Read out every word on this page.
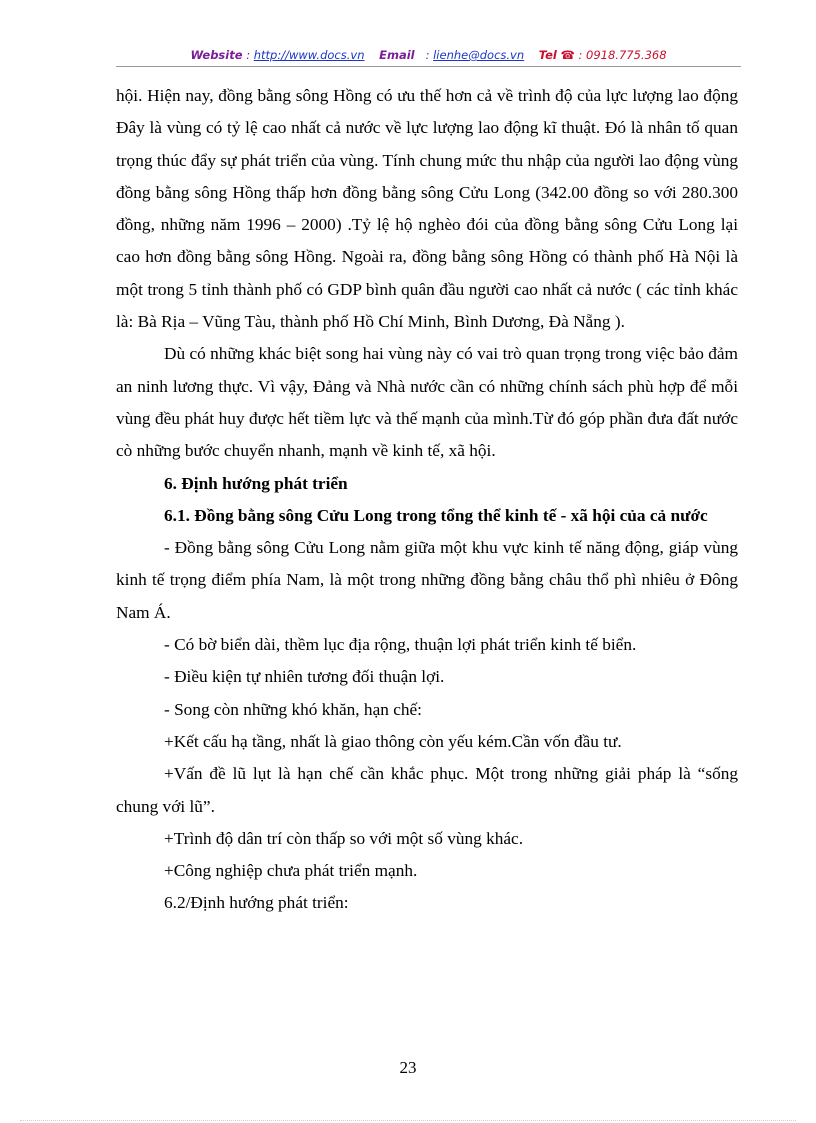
Website : http://www.docs.vn Email   : lienhe@docs.vn Tel ☎ : 0918.775.368

hội. Hiện nay, đồng bằng sông Hồng có ưu thế hơn cả về trình độ của lực lượng lao động Đây là vùng có tỷ lệ cao nhất cả nước về lực lượng lao động kĩ thuật. Đó là nhân tố quan trọng thúc đẩy sự phát triển của vùng. Tính chung mức thu nhập của người lao động vùng đồng bằng sông Hồng thấp hơn đồng bằng sông Cửu Long (342.00 đồng so với 280.300 đồng, những năm 1996 – 2000) .Tỷ lệ hộ nghèo đói của đồng bằng sông Cửu Long lại cao hơn đồng bằng sông Hồng. Ngoài ra, đồng bằng sông Hồng có thành phố Hà Nội là một trong 5 tỉnh thành phố có GDP bình quân đầu người cao nhất cả nước ( các tỉnh khác là: Bà Rịa – Vũng Tàu, thành phố Hồ Chí Minh, Bình Dương, Đà Nẵng ).

Dù có những khác biệt song hai vùng này có vai trò quan trọng trong việc bảo đảm an ninh lương thực. Vì vậy, Đảng và Nhà nước cần có những chính sách phù hợp để mỗi vùng đều phát huy được hết tiềm lực và thế mạnh của mình.Từ đó góp phần đưa đất nước cò những bước chuyển nhanh, mạnh về kinh tế, xã hội.

6. Định hướng phát triển

6.1. Đồng bằng sông Cửu Long trong tổng thể kinh tế - xã hội của cả nước

- Đồng bằng sông Cửu Long nằm giữa một khu vực kinh tế năng động, giáp vùng kinh tế trọng điểm phía Nam, là một trong những đồng bằng châu thổ phì nhiêu ở Đông Nam Á.

- Có bờ biển dài, thềm lục địa rộng, thuận lợi phát triển kinh tế biển.

- Điều kiện tự nhiên tương đối thuận lợi.

- Song còn những khó khăn, hạn chế:

+Kết cấu hạ tầng, nhất là giao thông còn yếu kém.Cần vốn đầu tư.

+Vấn đề lũ lụt là hạn chế cần khắc phục. Một trong những giải pháp là “sống chung với lũ”.

+Trình độ dân trí còn thấp so với một số vùng khác.

+Công nghiệp chưa phát triển mạnh.

6.2/Định hướng phát triển:

23
